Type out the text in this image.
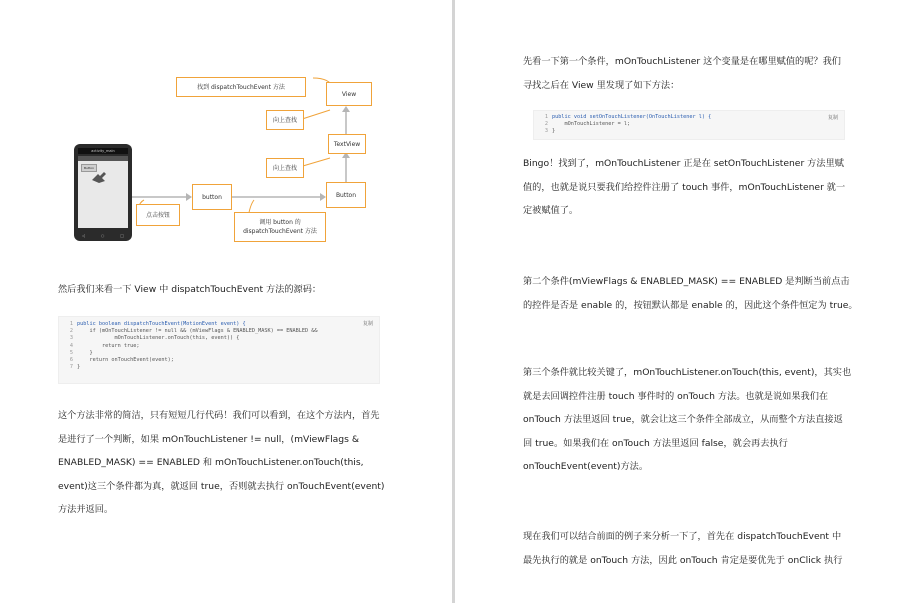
找到 dispatchTouchEvent 方法
View
向上查找
TextView
向上查找
button	Button
点击按钮
调用 button 的
dispatchTouchEvent 方法
activity_main
Button
◁	○	□
然后我们来看一下 View 中 dispatchTouchEvent 方法的源码：
复制
1 public boolean dispatchTouchEvent(MotionEvent event) {
2    if (mOnTouchListener != null && (mViewFlags & ENABLED_MASK) == ENABLED &&
3            mOnTouchListener.onTouch(this, event)) {
4        return true;
5    }
6    return onTouchEvent(event);
7 }
这个方法非常的简洁，只有短短几行代码！我们可以看到，在这个方法内，首先
是进行了一个判断，如果 mOnTouchListener != null，(mViewFlags &
ENABLED_MASK) == ENABLED 和 mOnTouchListener.onTouch(this,
event)这三个条件都为真，就返回 true，否则就去执行 onTouchEvent(event)
方法并返回。
先看一下第一个条件，mOnTouchListener 这个变量是在哪里赋值的呢？我们
寻找之后在 View 里发现了如下方法：
复制
1 public void setOnTouchListener(OnTouchListener l) {
2    mOnTouchListener = l;
3 }
Bingo！找到了，mOnTouchListener 正是在 setOnTouchListener 方法里赋
值的，也就是说只要我们给控件注册了 touch 事件，mOnTouchListener 就一
定被赋值了。
第二个条件(mViewFlags & ENABLED_MASK) == ENABLED 是判断当前点击
的控件是否是 enable 的，按钮默认都是 enable 的，因此这个条件恒定为 true。
第三个条件就比较关键了，mOnTouchListener.onTouch(this, event)，其实也
就是去回调控件注册 touch 事件时的 onTouch 方法。也就是说如果我们在
onTouch 方法里返回 true，就会让这三个条件全部成立，从而整个方法直接返
回 true。如果我们在 onTouch 方法里返回 false，就会再去执行
onTouchEvent(event)方法。
现在我们可以结合前面的例子来分析一下了，首先在 dispatchTouchEvent 中
最先执行的就是 onTouch 方法，因此 onTouch 肯定是要优先于 onClick 执行
